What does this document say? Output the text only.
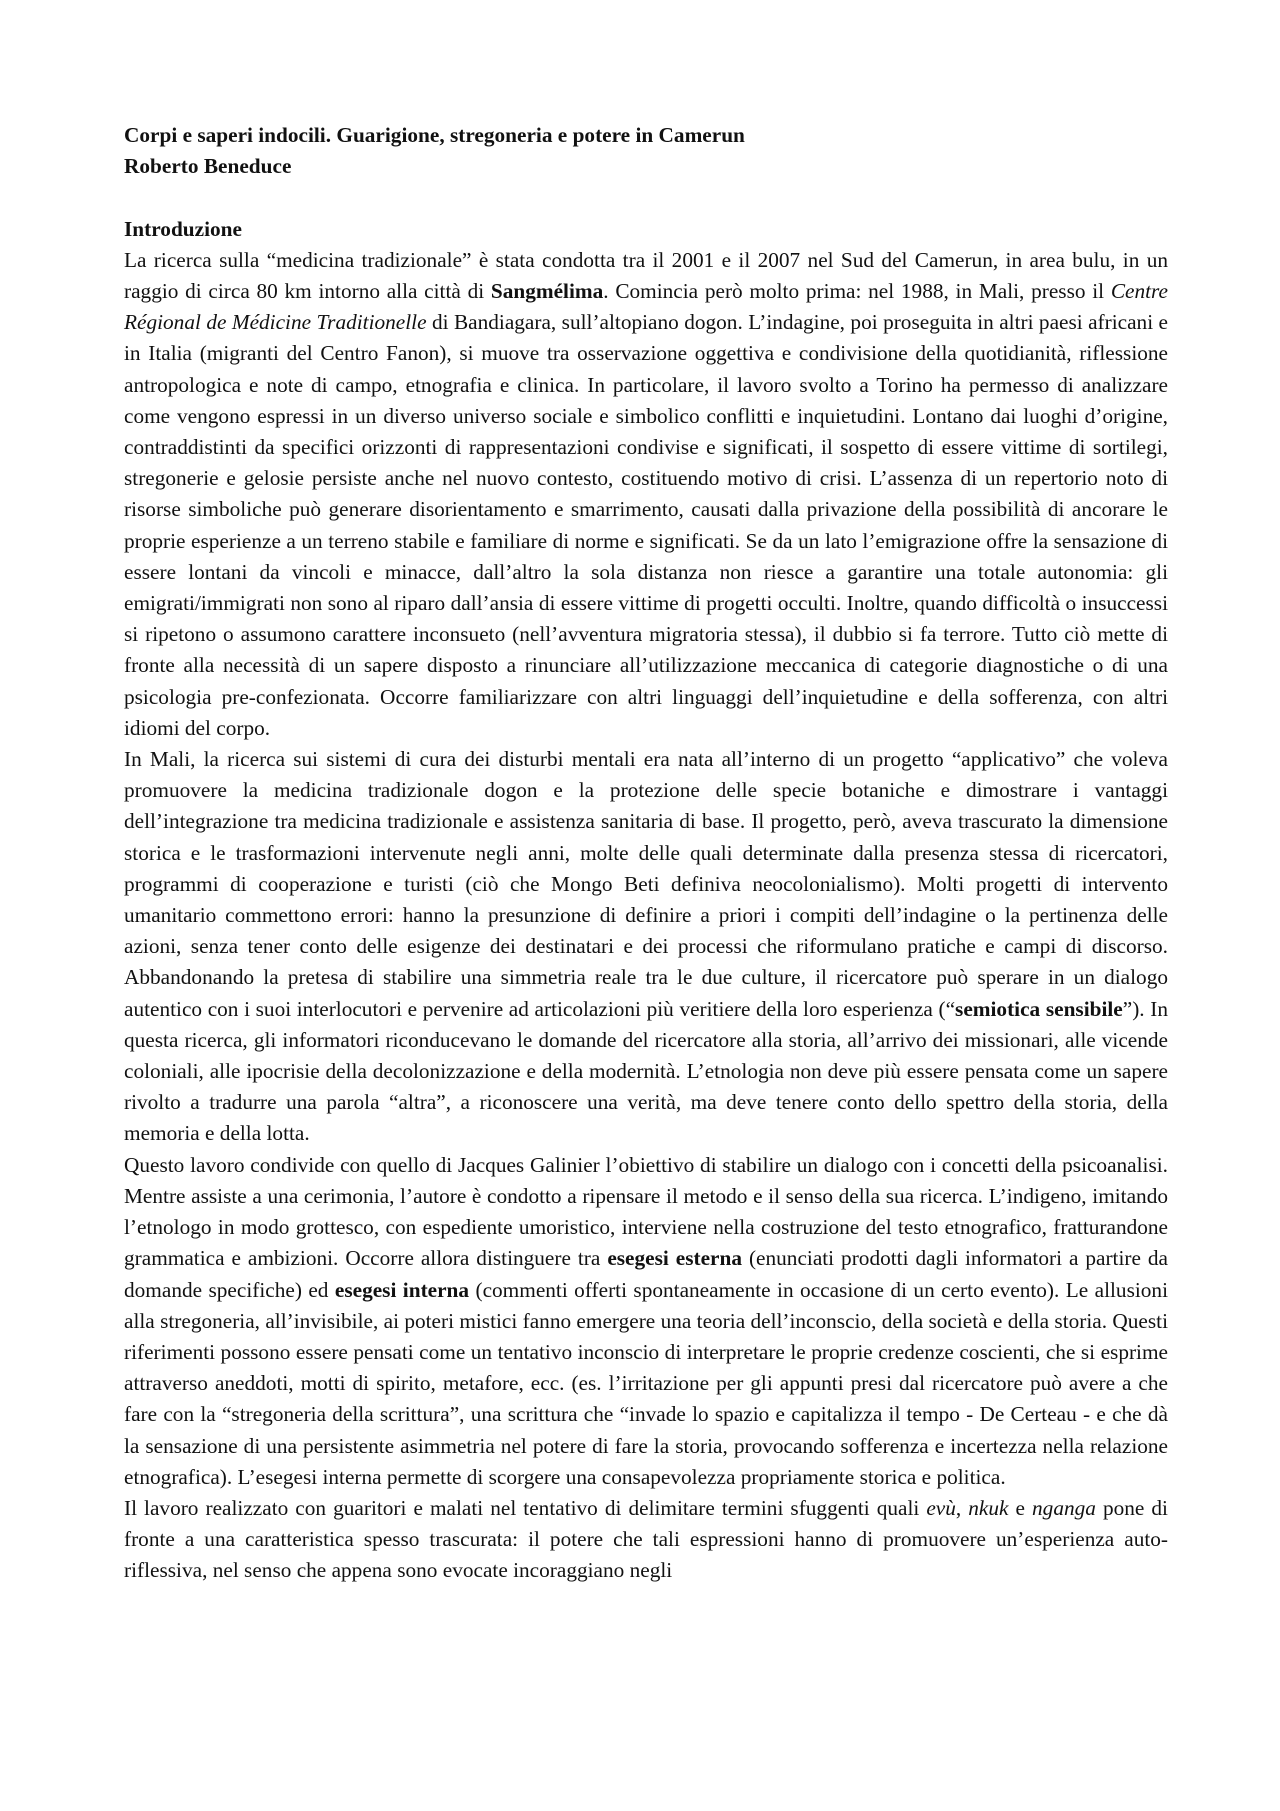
Corpi e saperi indocili. Guarigione, stregoneria e potere in Camerun

Roberto Beneduce

Introduzione

La ricerca sulla “medicina tradizionale” è stata condotta tra il 2001 e il 2007 nel Sud del Camerun, in area bulu, in un raggio di circa 80 km intorno alla città di Sangmélima. Comincia però molto prima: nel 1988, in Mali, presso il Centre Régional de Médicine Traditionelle di Bandiagara, sull’altopiano dogon. L’indagine, poi proseguita in altri paesi africani e in Italia (migranti del Centro Fanon), si muove tra osservazione oggettiva e condivisione della quotidianità, riflessione antropologica e note di campo, etnografia e clinica. In particolare, il lavoro svolto a Torino ha permesso di analizzare come vengono espressi in un diverso universo sociale e simbolico conflitti e inquietudini. Lontano dai luoghi d’origine, contraddistinti da specifici orizzonti di rappresentazioni condivise e significati, il sospetto di essere vittime di sortilegi, stregonerie e gelosie persiste anche nel nuovo contesto, costituendo motivo di crisi. L’assenza di un repertorio noto di risorse simboliche può generare disorientamento e smarrimento, causati dalla privazione della possibilità di ancorare le proprie esperienze a un terreno stabile e familiare di norme e significati. Se da un lato l’emigrazione offre la sensazione di essere lontani da vincoli e minacce, dall’altro la sola distanza non riesce a garantire una totale autonomia: gli emigrati/immigrati non sono al riparo dall’ansia di essere vittime di progetti occulti. Inoltre, quando difficoltà o insuccessi si ripetono o assumono carattere inconsueto (nell’avventura migratoria stessa), il dubbio si fa terrore. Tutto ciò mette di fronte alla necessità di un sapere disposto a rinunciare all’utilizzazione meccanica di categorie diagnostiche o di una psicologia pre-confezionata. Occorre familiarizzare con altri linguaggi dell’inquietudine e della sofferenza, con altri idiomi del corpo.

In Mali, la ricerca sui sistemi di cura dei disturbi mentali era nata all’interno di un progetto “applicativo” che voleva promuovere la medicina tradizionale dogon e la protezione delle specie botaniche e dimostrare i vantaggi dell’integrazione tra medicina tradizionale e assistenza sanitaria di base. Il progetto, però, aveva trascurato la dimensione storica e le trasformazioni intervenute negli anni, molte delle quali determinate dalla presenza stessa di ricercatori, programmi di cooperazione e turisti (ciò che Mongo Beti definiva neocolonialismo). Molti progetti di intervento umanitario commettono errori: hanno la presunzione di definire a priori i compiti dell’indagine o la pertinenza delle azioni, senza tener conto delle esigenze dei destinatari e dei processi che riformulano pratiche e campi di discorso. Abbandonando la pretesa di stabilire una simmetria reale tra le due culture, il ricercatore può sperare in un dialogo autentico con i suoi interlocutori e pervenire ad articolazioni più veritiere della loro esperienza (“semiotica sensibile”). In questa ricerca, gli informatori riconducevano le domande del ricercatore alla storia, all’arrivo dei missionari, alle vicende coloniali, alle ipocrisie della decolonizzazione e della modernità. L’etnologia non deve più essere pensata come un sapere rivolto a tradurre una parola “altra”, a riconoscere una verità, ma deve tenere conto dello spettro della storia, della memoria e della lotta.

Questo lavoro condivide con quello di Jacques Galinier l’obiettivo di stabilire un dialogo con i concetti della psicoanalisi. Mentre assiste a una cerimonia, l’autore è condotto a ripensare il metodo e il senso della sua ricerca. L’indigeno, imitando l’etnologo in modo grottesco, con espediente umoristico, interviene nella costruzione del testo etnografico, fratturandone grammatica e ambizioni. Occorre allora distinguere tra esegesi esterna (enunciati prodotti dagli informatori a partire da domande specifiche) ed esegesi interna (commenti offerti spontaneamente in occasione di un certo evento). Le allusioni alla stregoneria, all’invisibile, ai poteri mistici fanno emergere una teoria dell’inconscio, della società e della storia. Questi riferimenti possono essere pensati come un tentativo inconscio di interpretare le proprie credenze coscienti, che si esprime attraverso aneddoti, motti di spirito, metafore, ecc. (es. l’irritazione per gli appunti presi dal ricercatore può avere a che fare con la “stregoneria della scrittura”, una scrittura che “invade lo spazio e capitalizza il tempo - De Certeau - e che dà la sensazione di una persistente asimmetria nel potere di fare la storia, provocando sofferenza e incertezza nella relazione etnografica). L’esegesi interna permette di scorgere una consapevolezza propriamente storica e politica.

Il lavoro realizzato con guaritori e malati nel tentativo di delimitare termini sfuggenti quali evù, nkuk e nganga pone di fronte a una caratteristica spesso trascurata: il potere che tali espressioni hanno di promuovere un’esperienza auto-riflessiva, nel senso che appena sono evocate incoraggiano negli
